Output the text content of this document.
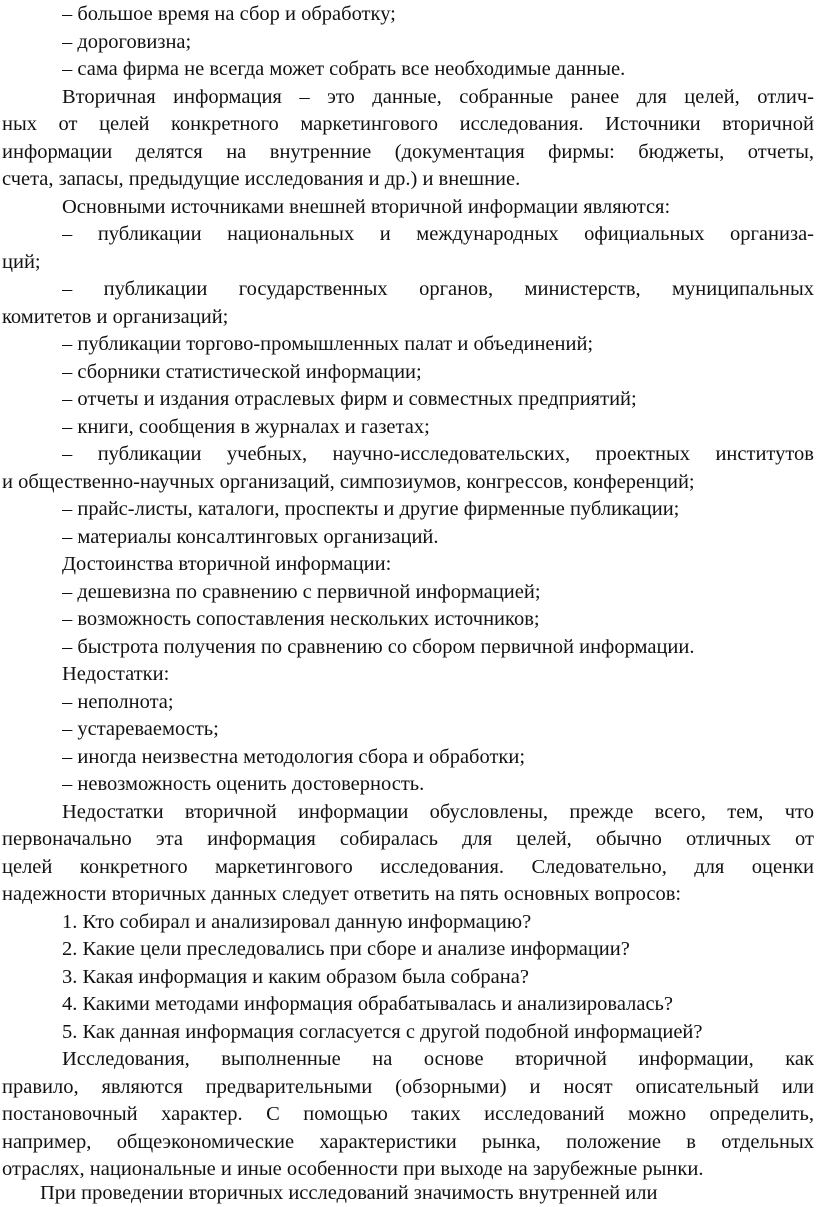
– большое время на сбор и обработку;
– дороговизна;
– сама фирма не всегда может собрать все необходимые данные.
Вторичная информация – это данные, собранные ранее для целей, отлич-
ных от целей конкретного маркетингового исследования. Источники вторичной
информации делятся на внутренние (документация фирмы: бюджеты, отчеты,
счета, запасы, предыдущие исследования и др.) и внешние.
Основными источниками внешней вторичной информации являются:
– публикации национальных и международных официальных организа-
ций;
– публикации государственных органов, министерств, муниципальных
комитетов и организаций;
– публикации торгово-промышленных палат и объединений;
– сборники статистической информации;
– отчеты и издания отраслевых фирм и совместных предприятий;
– книги, сообщения в журналах и газетах;
– публикации учебных, научно-исследовательских, проектных институтов
и общественно-научных организаций, симпозиумов, конгрессов, конференций;
– прайс-листы, каталоги, проспекты и другие фирменные публикации;
– материалы консалтинговых организаций.
Достоинства вторичной информации:
– дешевизна по сравнению с первичной информацией;
– возможность сопоставления нескольких источников;
– быстрота получения по сравнению со сбором первичной информации.
Недостатки:
– неполнота;
– устареваемость;
– иногда неизвестна методология сбора и обработки;
– невозможность оценить достоверность.
Недостатки вторичной информации обусловлены, прежде всего, тем, что
первоначально эта информация собиралась для целей, обычно отличных от
целей конкретного маркетингового исследования. Следовательно, для оценки
надежности вторичных данных следует ответить на пять основных вопросов:
1. Кто собирал и анализировал данную информацию?
2. Какие цели преследовались при сборе и анализе информации?
3. Какая информация и каким образом была собрана?
4. Какими методами информация обрабатывалась и анализировалась?
5. Как данная информация согласуется с другой подобной информацией?
Исследования, выполненные на основе вторичной информации, как
правило, являются предварительными (обзорными) и носят описательный или
постановочный характер. С помощью таких исследований можно определить,
например, общеэкономические характеристики рынка, положение в отдельных
отраслях, национальные и иные особенности при выходе на зарубежные рынки.
При проведении вторичных исследований значимость внутренней или
